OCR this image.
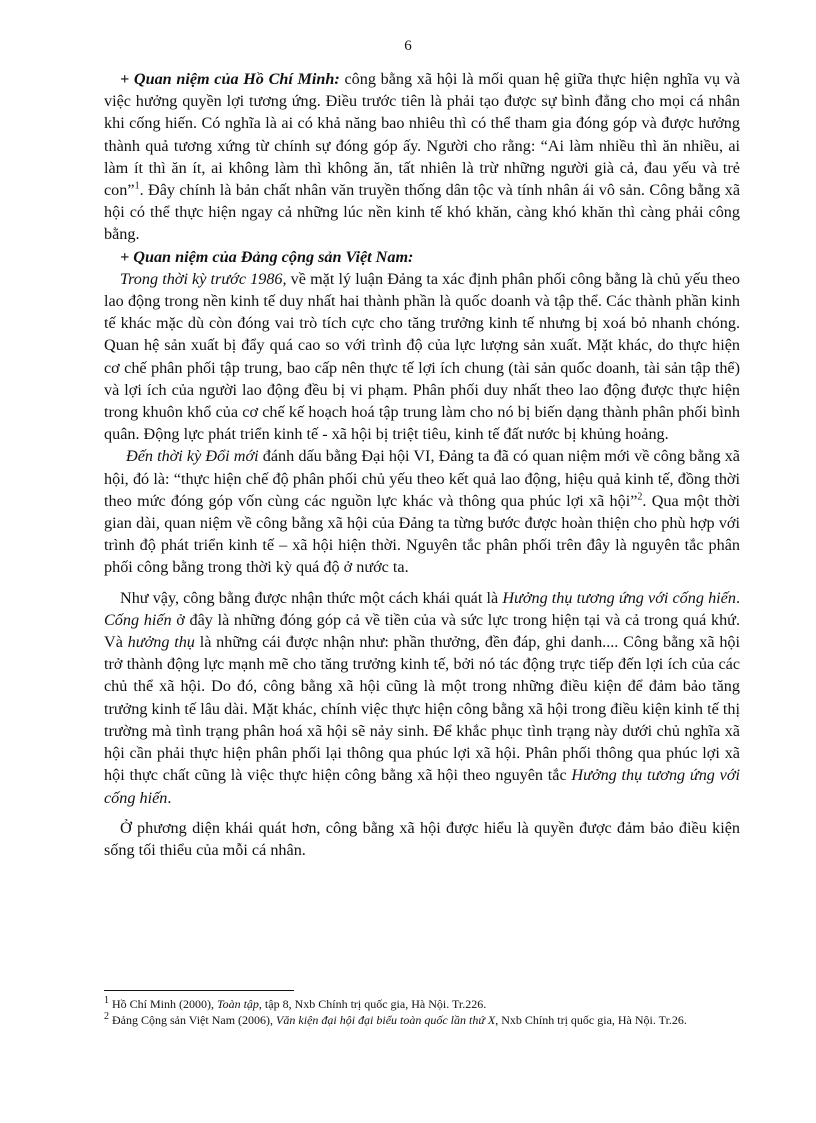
6

+ Quan niệm của Hồ Chí Minh: công bằng xã hội là mối quan hệ giữa thực hiện nghĩa vụ và việc hưởng quyền lợi tương ứng. Điều trước tiên là phải tạo được sự bình đẳng cho mọi cá nhân khi cống hiến. Có nghĩa là ai có khả năng bao nhiêu thì có thể tham gia đóng góp và được hưởng thành quả tương xứng từ chính sự đóng góp ấy. Người cho rằng: “Ai làm nhiều thì ăn nhiều, ai làm ít thì ăn ít, ai không làm thì không ăn, tất nhiên là trừ những người già cả, đau yếu và trẻ con”$^1$. Đây chính là bản chất nhân văn truyền thống dân tộc và tính nhân ái vô sản. Công bằng xã hội có thể thực hiện ngay cả những lúc nền kinh tế khó khăn, càng khó khăn thì càng phải công bằng.

+ Quan niệm của Đảng cộng sản Việt Nam:

Trong thời kỳ trước 1986, về mặt lý luận Đảng ta xác định phân phối công bằng là chủ yếu theo lao động trong nền kinh tế duy nhất hai thành phần là quốc doanh và tập thể. Các thành phần kinh tế khác mặc dù còn đóng vai trò tích cực cho tăng trưởng kinh tế nhưng bị xoá bỏ nhanh chóng. Quan hệ sản xuất bị đẩy quá cao so với trình độ của lực lượng sản xuất. Mặt khác, do thực hiện cơ chế phân phối tập trung, bao cấp nên thực tế lợi ích chung (tài sản quốc doanh, tài sản tập thể) và lợi ích của người lao động đều bị vi phạm. Phân phối duy nhất theo lao động được thực hiện trong khuôn khổ của cơ chế kế hoạch hoá tập trung làm cho nó bị biến dạng thành phân phối bình quân. Động lực phát triển kinh tế - xã hội bị triệt tiêu, kinh tế đất nước bị khủng hoảng.

Đến thời kỳ Đổi mới đánh dấu bằng Đại hội VI, Đảng ta đã có quan niệm mới về công bằng xã hội, đó là: “thực hiện chế độ phân phối chủ yếu theo kết quả lao động, hiệu quả kinh tế, đồng thời theo mức đóng góp vốn cùng các nguồn lực khác và thông qua phúc lợi xã hội”$^2$. Qua một thời gian dài, quan niệm về công bằng xã hội của Đảng ta từng bước được hoàn thiện cho phù hợp với trình độ phát triển kinh tế – xã hội hiện thời. Nguyên tắc phân phối trên đây là nguyên tắc phân phối công bằng trong thời kỳ quá độ ở nước ta.

Như vậy, công bằng được nhận thức một cách khái quát là Hưởng thụ tương ứng với cống hiến. Cống hiến ở đây là những đóng góp cả về tiền của và sức lực trong hiện tại và cả trong quá khứ. Và hưởng thụ là những cái được nhận như: phần thưởng, đền đáp, ghi danh.... Công bằng xã hội trở thành động lực mạnh mẽ cho tăng trưởng kinh tế, bởi nó tác động trực tiếp đến lợi ích của các chủ thể xã hội. Do đó, công bằng xã hội cũng là một trong những điều kiện để đảm bảo tăng trưởng kinh tế lâu dài. Mặt khác, chính việc thực hiện công bằng xã hội trong điều kiện kinh tế thị trường mà tình trạng phân hoá xã hội sẽ nảy sinh. Để khắc phục tình trạng này dưới chủ nghĩa xã hội cần phải thực hiện phân phối lại thông qua phúc lợi xã hội. Phân phối thông qua phúc lợi xã hội thực chất cũng là việc thực hiện công bằng xã hội theo nguyên tắc Hưởng thụ tương ứng với cống hiến.

Ở phương diện khái quát hơn, công bằng xã hội được hiểu là quyền được đảm bảo điều kiện sống tối thiểu của mỗi cá nhân.

$^1$ Hồ Chí Minh (2000), Toàn tập, tập 8, Nxb Chính trị quốc gia, Hà Nội. Tr.226.

$^2$ Đảng Cộng sản Việt Nam (2006), Văn kiện đại hội đại biểu toàn quốc lần thứ X, Nxb Chính trị quốc gia, Hà Nội. Tr.26.
